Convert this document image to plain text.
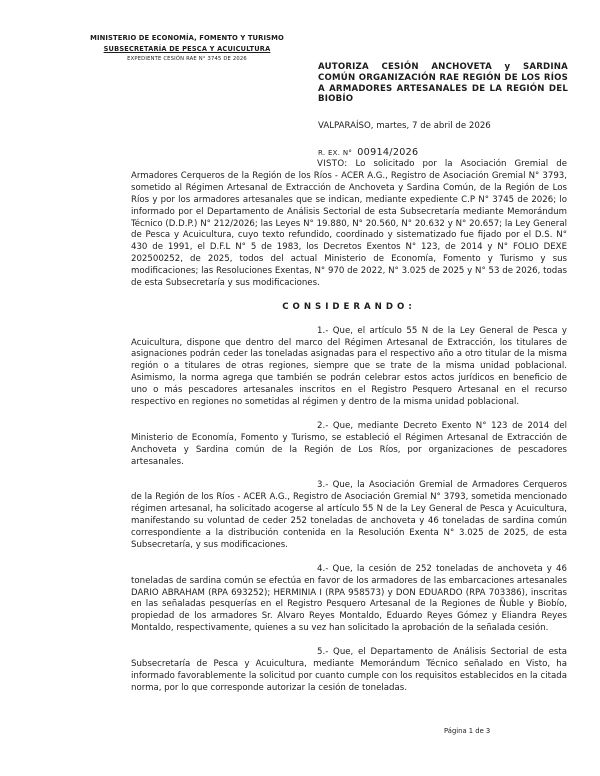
MINISTERIO DE ECONOMÍA, FOMENTO Y TURISMO
SUBSECRETARÍA DE PESCA Y ACUICULTURA
EXPEDIENTE CESIÓN RAE N° 3745 DE 2026
AUTORIZA CESIÓN ANCHOVETA y SARDINA COMÚN ORGANIZACIÓN RAE REGIÓN DE LOS RÍOS A ARMADORES ARTESANALES DE LA REGIÓN DEL BIOBÍO
VALPARAÍSO, martes, 7 de abril de 2026
R. EX. N° 00914/2026

VISTO: Lo solicitado por la Asociación Gremial de Armadores Cerqueros de la Región de los Ríos - ACER A.G., Registro de Asociación Gremial N° 3793, sometido al Régimen Artesanal de Extracción de Anchoveta y Sardina Común, de la Región de Los Ríos y por los armadores artesanales que se indican, mediante expediente C.P N° 3745 de 2026; lo informado por el Departamento de Análisis Sectorial de esta Subsecretaría mediante Memorándum Técnico (D.D.P.) N° 212/2026; las Leyes N° 19.880, N° 20.560, N° 20.632 y N° 20.657; la Ley General de Pesca y Acuicultura, cuyo texto refundido, coordinado y sistematizado fue fijado por el D.S. N° 430 de 1991, el D.F.L N° 5 de 1983, los Decretos Exentos N° 123, de 2014 y N° FOLIO DEXE 202500252, de 2025, todos del actual Ministerio de Economía, Fomento y Turismo y sus modificaciones; las Resoluciones Exentas, N° 970 de 2022, N° 3.025 de 2025 y N° 53 de 2026, todas de esta Subsecretaría y sus modificaciones.

CONSIDERANDO:

1.- Que, el artículo 55 N de la Ley General de Pesca y Acuicultura, dispone que dentro del marco del Régimen Artesanal de Extracción, los titulares de asignaciones podrán ceder las toneladas asignadas para el respectivo año a otro titular de la misma región o a titulares de otras regiones, siempre que se trate de la misma unidad poblacional. Asimismo, la norma agrega que también se podrán celebrar estos actos jurídicos en beneficio de uno o más pescadores artesanales inscritos en el Registro Pesquero Artesanal en el recurso respectivo en regiones no sometidas al régimen y dentro de la misma unidad poblacional.

2.- Que, mediante Decreto Exento N° 123 de 2014 del Ministerio de Economía, Fomento y Turismo, se estableció el Régimen Artesanal de Extracción de Anchoveta y Sardina común de la Región de Los Ríos, por organizaciones de pescadores artesanales.

3.- Que, la Asociación Gremial de Armadores Cerqueros de la Región de los Ríos - ACER A.G., Registro de Asociación Gremial N° 3793, sometida mencionado régimen artesanal, ha solicitado acogerse al artículo 55 N de la Ley General de Pesca y Acuicultura, manifestando su voluntad de ceder 252 toneladas de anchoveta y 46 toneladas de sardina común correspondiente a la distribución contenida en la Resolución Exenta N° 3.025 de 2025, de esta Subsecretaría, y sus modificaciones.

4.- Que, la cesión de 252 toneladas de anchoveta y 46 toneladas de sardina común se efectúa en favor de los armadores de las embarcaciones artesanales DARIO ABRAHAM (RPA 693252); HERMINIA I (RPA 958573) y DON EDUARDO (RPA 703386), inscritas en las señaladas pesquerías en el Registro Pesquero Artesanal de la Regiones de Ñuble y Biobío, propiedad de los armadores Sr. Alvaro Reyes Montaldo, Eduardo Reyes Gómez y Eliandra Reyes Montaldo, respectivamente, quienes a su vez han solicitado la aprobación de la señalada cesión.

5.- Que, el Departamento de Análisis Sectorial de esta Subsecretaría de Pesca y Acuicultura, mediante Memorándum Técnico señalado en Visto, ha informado favorablemente la solicitud por cuanto cumple con los requisitos establecidos en la citada norma, por lo que corresponde autorizar la cesión de toneladas.

Página 1 de 3
